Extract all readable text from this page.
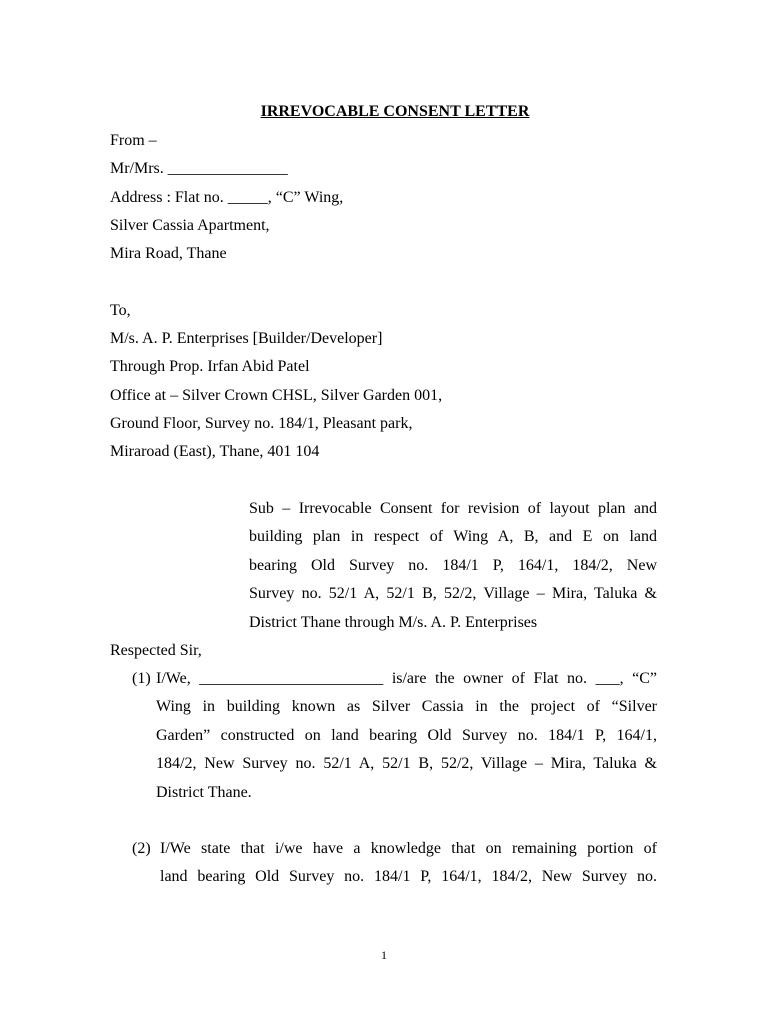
IRREVOCABLE CONSENT LETTER
From –
Mr/Mrs. _______________
Address : Flat no. _____, “C” Wing,
Silver Cassia Apartment,
Mira Road, Thane
To,
M/s. A. P. Enterprises [Builder/Developer]
Through Prop. Irfan Abid Patel
Office at – Silver Crown CHSL, Silver Garden 001,
Ground Floor, Survey no. 184/1, Pleasant park,
Miraroad (East), Thane, 401 104
Sub – Irrevocable Consent for revision of layout plan and
building plan in respect of Wing A, B, and E on land
bearing Old Survey no. 184/1 P, 164/1, 184/2, New
Survey no. 52/1 A, 52/1 B, 52/2, Village – Mira, Taluka &
District Thane through M/s. A. P. Enterprises
Respected Sir,
(1) I/We, _______________________ is/are the owner of Flat no. ___, “C”
Wing in building known as Silver Cassia in the project of “Silver
Garden” constructed on land bearing Old Survey no. 184/1 P, 164/1,
184/2, New Survey no. 52/1 A, 52/1 B, 52/2, Village – Mira, Taluka &
District Thane.
(2) I/We state that i/we have a knowledge that on remaining portion of
land bearing Old Survey no. 184/1 P, 164/1, 184/2, New Survey no.
1
